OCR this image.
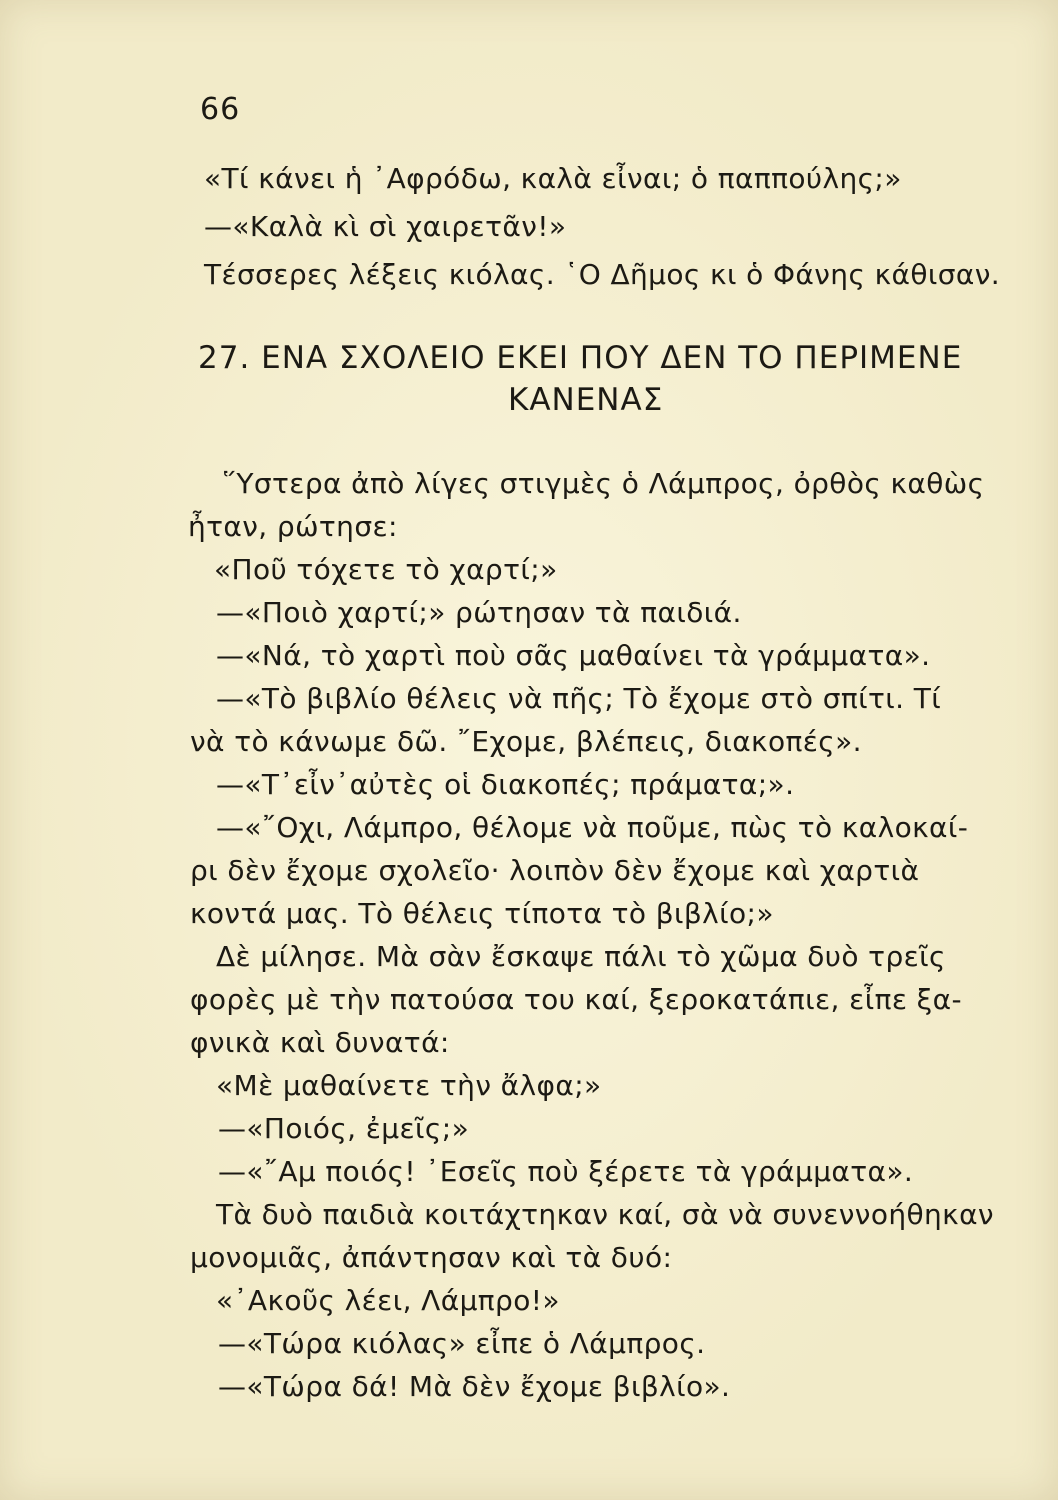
66
«Τί κάνει ἡ ᾽Αφρόδω, καλὰ εἶναι; ὁ παππούλης;»
—«Καλὰ κὶ σὶ χαιρετᾶν!»
Τέσσερες λέξεις κιόλας. ῾Ο Δῆμος κι ὁ Φάνης κάθισαν.
27. ΕΝΑ ΣΧΟΛΕΙΟ ΕΚΕΙ ΠΟΥ ΔΕΝ ΤΟ ΠΕΡΙΜΕΝΕ
ΚΑΝΕΝΑΣ
῞Υστερα ἀπὸ λίγες στιγμὲς ὁ Λάμπρος, ὀρθὸς καθὼς
ἦταν, ρώτησε:
«Ποῦ τόχετε τὸ χαρτί;»
—«Ποιὸ χαρτί;» ρώτησαν τὰ παιδιά.
—«Νά, τὸ χαρτὶ ποὺ σᾶς μαθαίνει τὰ γράμματα».
—«Τὸ βιβλίο θέλεις νὰ πῆς; Τὸ ἔχομε στὸ σπίτι. Τί
νὰ τὸ κάνωμε δῶ. ῎Εχομε, βλέπεις, διακοπές».
—«Τ᾽εἶν᾽αὐτὲς οἱ διακοπές; πράματα;».
—«῎Οχι, Λάμπρο, θέλομε νὰ ποῦμε, πὼς τὸ καλοκαί-
ρι δὲν ἔχομε σχολεῖο· λοιπὸν δὲν ἔχομε καὶ χαρτιὰ
κοντά μας. Τὸ θέλεις τίποτα τὸ βιβλίο;»
Δὲ μίλησε. Μὰ σὰν ἔσκαψε πάλι τὸ χῶμα δυὸ τρεῖς
φορὲς μὲ τὴν πατούσα του καί, ξεροκατάπιε, εἶπε ξα-
φνικὰ καὶ δυνατά:
«Μὲ μαθαίνετε τὴν ἄλφα;»
—«Ποιός, ἐμεῖς;»
—«῎Αμ ποιός! ᾽Εσεῖς ποὺ ξέρετε τὰ γράμματα».
Τὰ δυὸ παιδιὰ κοιτάχτηκαν καί, σὰ νὰ συνεννοήθηκαν
μονομιᾶς, ἀπάντησαν καὶ τὰ δυό:
«᾽Ακοῦς λέει, Λάμπρο!»
—«Τώρα κιόλας» εἶπε ὁ Λάμπρος.
—«Τώρα δά! Μὰ δὲν ἔχομε βιβλίο».
